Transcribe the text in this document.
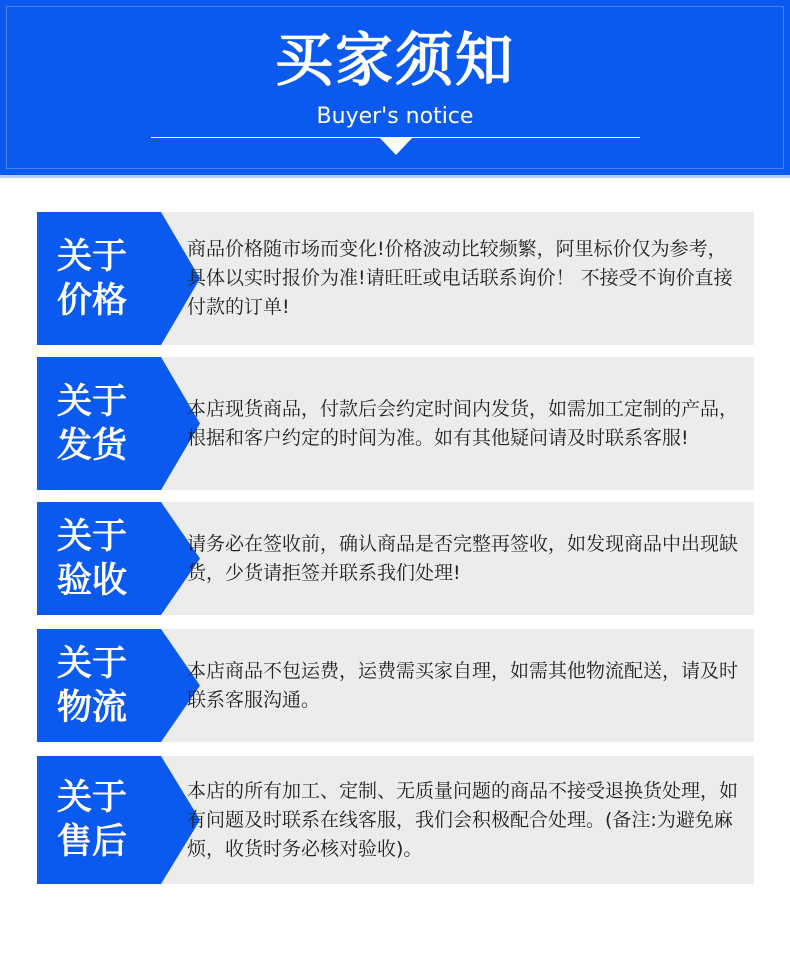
买家须知
Buyer's notice
关于
价格
商品价格随市场而变化!价格波动比较频繁，阿里标价仅为参考，具体以实时报价为准!请旺旺或电话联系询价！ 不接受不询价直接付款的订单!
关于
发货
本店现货商品，付款后会约定时间内发货，如需加工定制的产品，根据和客户约定的时间为准。如有其他疑问请及时联系客服!
关于
验收
请务必在签收前，确认商品是否完整再签收，如发现商品中出现缺货，少货请拒签并联系我们处理!
关于
物流
本店商品不包运费，运费需买家自理，如需其他物流配送，请及时联系客服沟通。
关于
售后
本店的所有加工、定制、无质量问题的商品不接受退换货处理，如有问题及时联系在线客服，我们会积极配合处理。(备注:为避免麻烦，收货时务必核对验收)。
